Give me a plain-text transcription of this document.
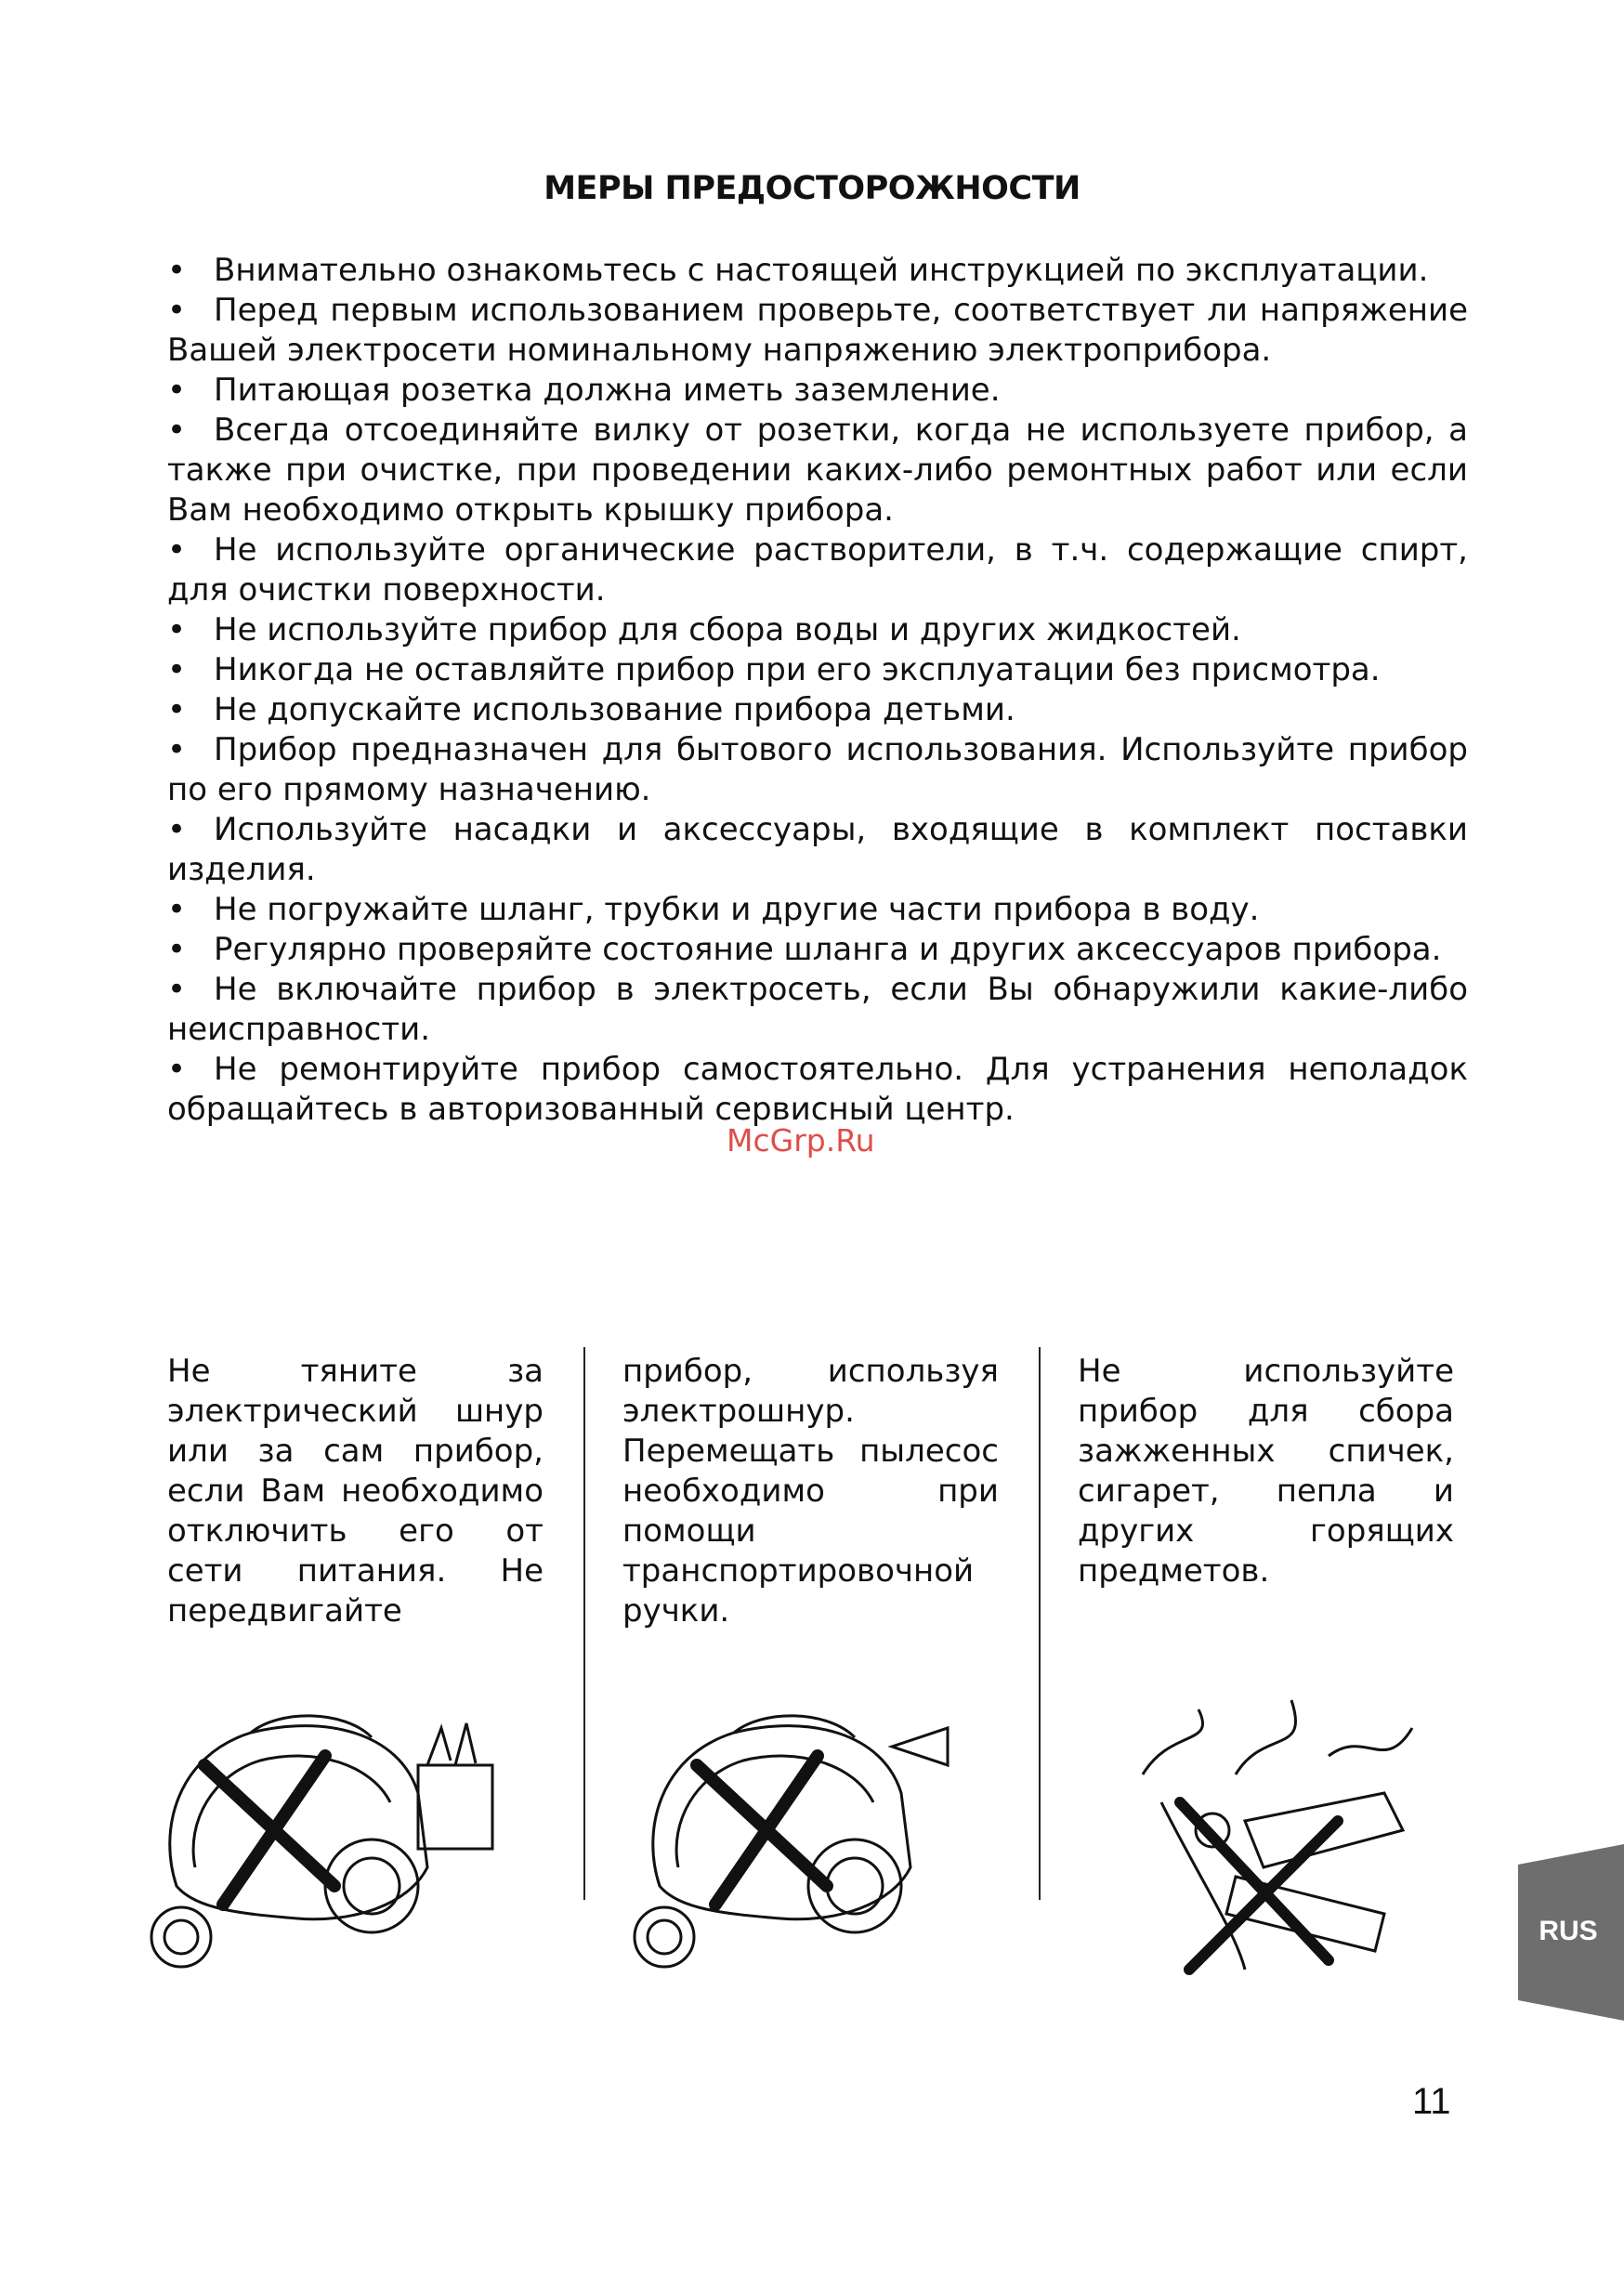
МЕРЫ ПРЕДОСТОРОЖНОСТИ
• Внимательно ознакомьтесь с настоящей инструкцией по эксплуатации.
• Перед первым использованием проверьте, соответствует ли напряжение Вашей электросети номинальному напряжению электроприбора.
• Питающая розетка должна иметь заземление.
• Всегда отсоединяйте вилку от розетки, когда не используете прибор, а также при очистке, при проведении каких-либо ремонтных работ или если Вам необходимо открыть крышку прибора.
• Не используйте органические растворители, в т.ч. содержащие спирт, для очистки поверхности.
• Не используйте прибор для сбора воды и других жидкостей.
• Никогда не оставляйте прибор при его эксплуатации без присмотра.
• Не допускайте использование прибора детьми.
• Прибор предназначен для бытового использования. Используйте прибор по его прямому назначению.
• Используйте насадки и аксессуары, входящие в комплект поставки изделия.
• Не погружайте шланг, трубки и другие части прибора в воду.
• Регулярно проверяйте состояние шланга и других аксессуаров прибора.
• Не включайте прибор в электросеть, если Вы обнаружили какие-либо неисправности.
• Не ремонтируйте прибор самостоятельно. Для устранения неполадок обращайтесь в авторизованный сервисный центр.
McGrp.Ru
Не тяните за электрический шнур или за сам прибор, если Вам необходимо отключить его от сети питания. Не передвигайте
прибор, используя электрошнур. Перемещать пылесос необходимо при помощи транспортировочной ручки.
Не используйте прибор для сбора зажженных спичек, сигарет, пепла и других горящих предметов.
RUS
11
